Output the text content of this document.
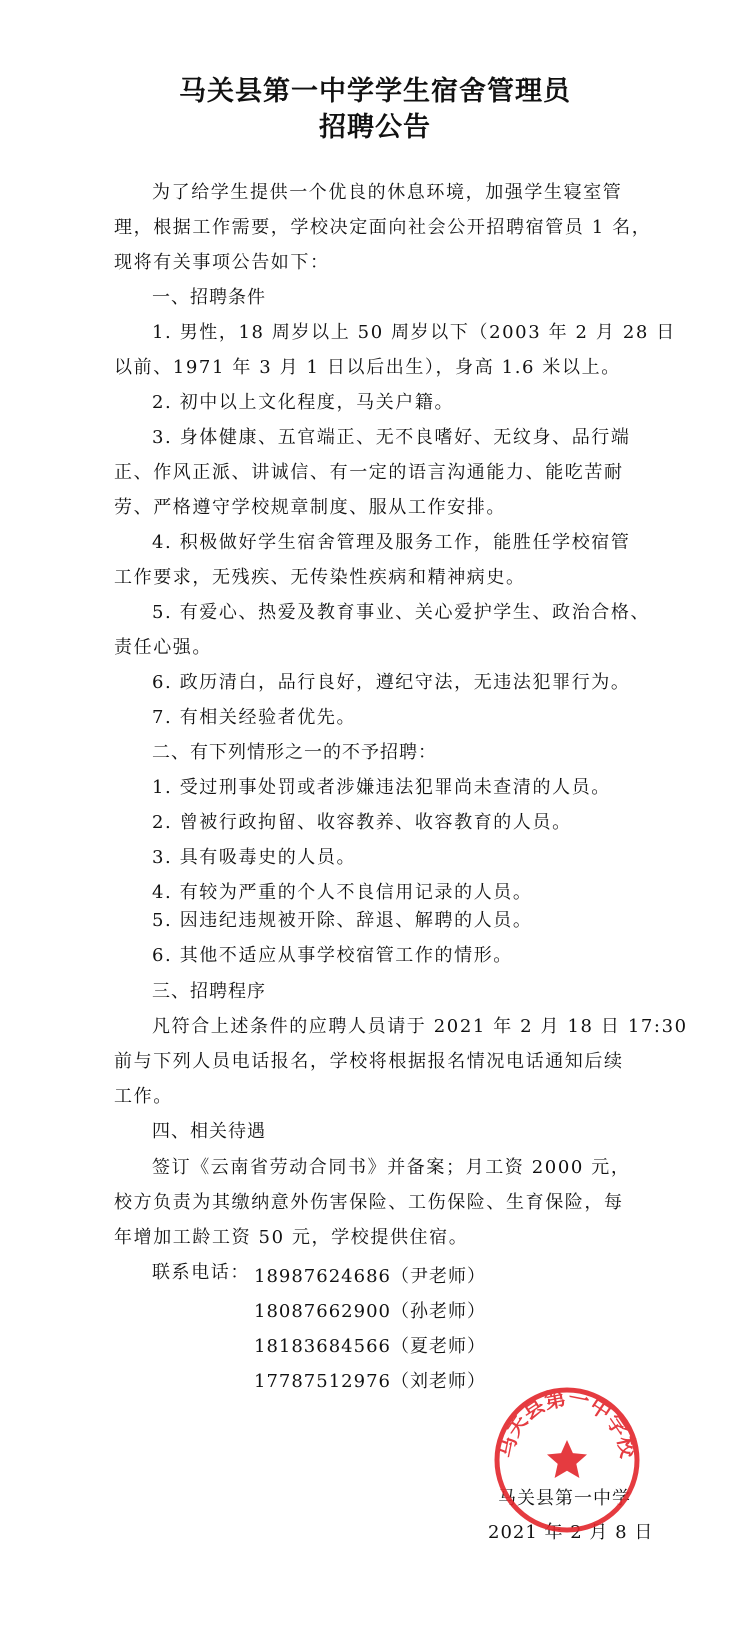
马关县第一中学学生宿舍管理员
招聘公告
为了给学生提供一个优良的休息环境，加强学生寝室管
理，根据工作需要，学校决定面向社会公开招聘宿管员 1 名，
现将有关事项公告如下：
一、招聘条件
1. 男性，18 周岁以上 50 周岁以下（2003 年 2 月 28 日
以前、1971 年 3 月 1 日以后出生），身高 1.6 米以上。
2. 初中以上文化程度，马关户籍。
3. 身体健康、五官端正、无不良嗜好、无纹身、品行端
正、作风正派、讲诚信、有一定的语言沟通能力、能吃苦耐
劳、严格遵守学校规章制度、服从工作安排。
4. 积极做好学生宿舍管理及服务工作，能胜任学校宿管
工作要求，无残疾、无传染性疾病和精神病史。
5. 有爱心、热爱及教育事业、关心爱护学生、政治合格、
责任心强。
6. 政历清白，品行良好，遵纪守法，无违法犯罪行为。
7. 有相关经验者优先。
二、有下列情形之一的不予招聘：
1. 受过刑事处罚或者涉嫌违法犯罪尚未查清的人员。
2. 曾被行政拘留、收容教养、收容教育的人员。
3. 具有吸毒史的人员。
4. 有较为严重的个人不良信用记录的人员。
5. 因违纪违规被开除、辞退、解聘的人员。
6. 其他不适应从事学校宿管工作的情形。
三、招聘程序
凡符合上述条件的应聘人员请于 2021 年 2 月 18 日 17:30
前与下列人员电话报名，学校将根据报名情况电话通知后续
工作。
四、相关待遇
签订《云南省劳动合同书》并备案；月工资 2000 元，
校方负责为其缴纳意外伤害保险、工伤保险、生育保险，每
年增加工龄工资 50 元，学校提供住宿。
联系电话： 18987624686（尹老师）
18087662900（孙老师）
18183684566（夏老师）
17787512976（刘老师）
马关县第一中学
2021 年 2 月 8 日
马关县第一中学校
